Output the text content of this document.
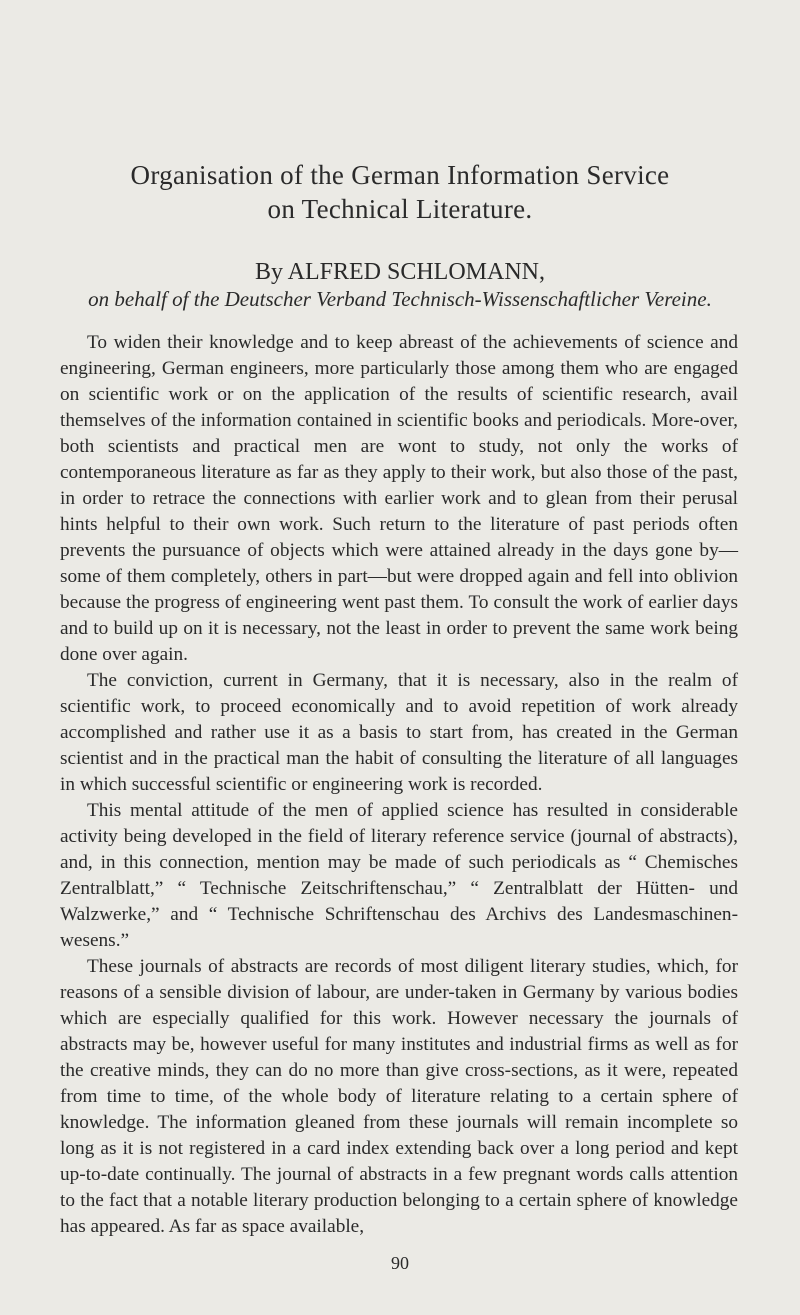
Organisation of the German Information Service
on Technical Literature.
By ALFRED SCHLOMANN,
on behalf of the Deutscher Verband Technisch-Wissenschaftlicher Vereine.

To widen their knowledge and to keep abreast of the achievements of science and engineering, German engineers, more particularly those among them who are engaged on scientific work or on the application of the results of scientific research, avail themselves of the information contained in scientific books and periodicals. More-over, both scientists and practical men are wont to study, not only the works of contemporaneous literature as far as they apply to their work, but also those of the past, in order to retrace the connections with earlier work and to glean from their perusal hints helpful to their own work. Such return to the literature of past periods often prevents the pursuance of objects which were attained already in the days gone by—some of them completely, others in part—but were dropped again and fell into oblivion because the progress of engineering went past them. To consult the work of earlier days and to build up on it is necessary, not the least in order to prevent the same work being done over again.

The conviction, current in Germany, that it is necessary, also in the realm of scientific work, to proceed economically and to avoid repetition of work already accomplished and rather use it as a basis to start from, has created in the German scientist and in the practical man the habit of consulting the literature of all languages in which successful scientific or engineering work is recorded.

This mental attitude of the men of applied science has resulted in considerable activity being developed in the field of literary reference service (journal of abstracts), and, in this connection, mention may be made of such periodicals as “ Chemisches Zentralblatt,” “ Technische Zeitschriftenschau,” “ Zentralblatt der Hütten- und Walzwerke,” and “ Technische Schriftenschau des Archivs des Landesmaschinen-wesens.”

These journals of abstracts are records of most diligent literary studies, which, for reasons of a sensible division of labour, are under-taken in Germany by various bodies which are especially qualified for this work. However necessary the journals of abstracts may be, however useful for many institutes and industrial firms as well as for the creative minds, they can do no more than give cross-sections, as it were, repeated from time to time, of the whole body of literature relating to a certain sphere of knowledge. The information gleaned from these journals will remain incomplete so long as it is not registered in a card index extending back over a long period and kept up-to-date continually. The journal of abstracts in a few pregnant words calls attention to the fact that a notable literary production belonging to a certain sphere of knowledge has appeared. As far as space available,

90
